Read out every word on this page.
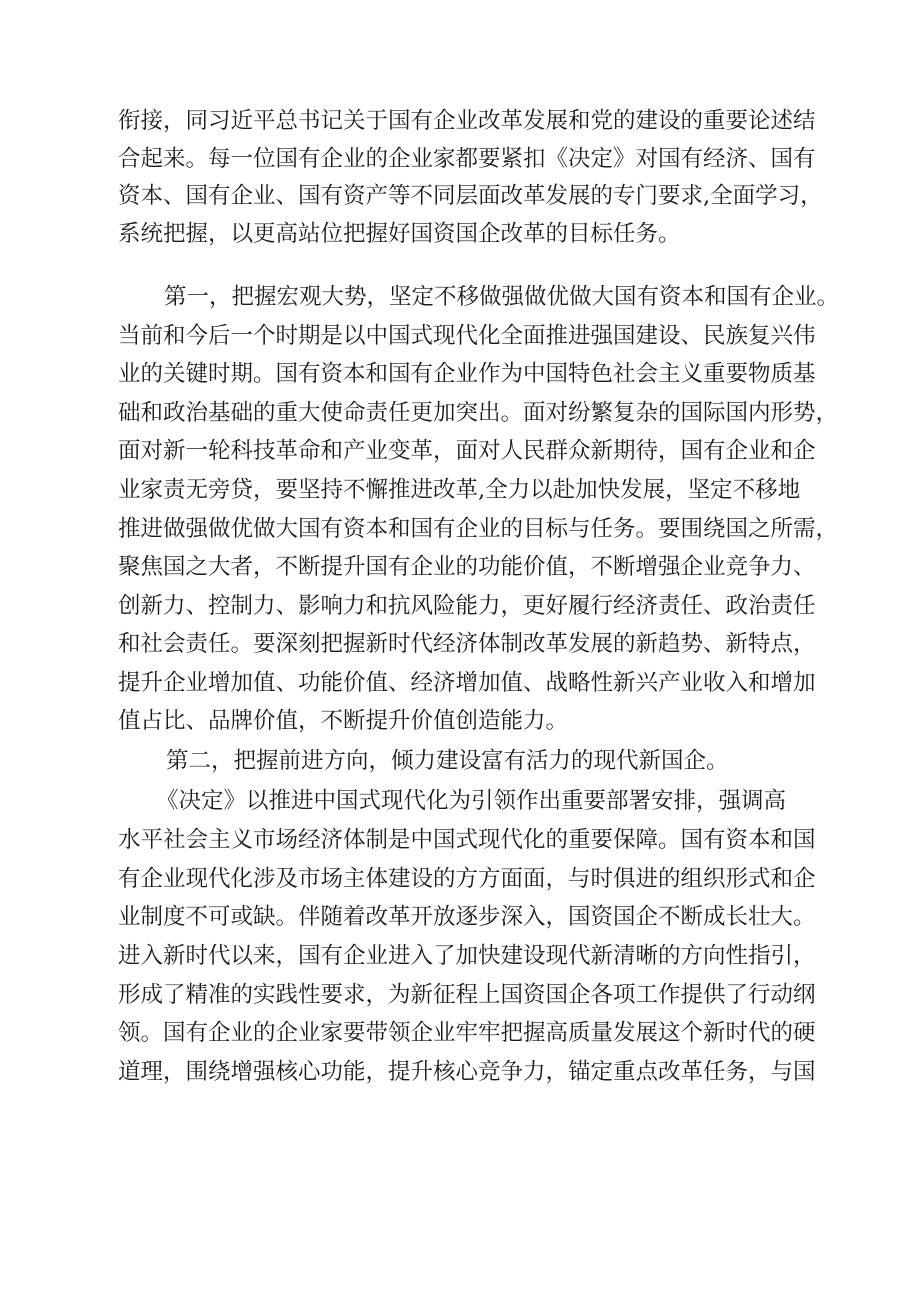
衔接，同习近平总书记关于国有企业改革发展和党的建设的重要论述结
合起来。每一位国有企业的企业家都要紧扣《决定》对国有经济、国有
资本、国有企业、国有资产等不同层面改革发展的专门要求,全面学习，
系统把握，以更高站位把握好国资国企改革的目标任务。
第一，把握宏观大势，坚定不移做强做优做大国有资本和国有企业。
当前和今后一个时期是以中国式现代化全面推进强国建设、民族复兴伟
业的关键时期。国有资本和国有企业作为中国特色社会主义重要物质基
础和政治基础的重大使命责任更加突出。面对纷繁复杂的国际国内形势，
面对新一轮科技革命和产业变革，面对人民群众新期待，国有企业和企
业家责无旁贷，要坚持不懈推进改革,全力以赴加快发展，坚定不移地
推进做强做优做大国有资本和国有企业的目标与任务。要围绕国之所需，
聚焦国之大者，不断提升国有企业的功能价值，不断增强企业竞争力、
创新力、控制力、影响力和抗风险能力，更好履行经济责任、政治责任
和社会责任。要深刻把握新时代经济体制改革发展的新趋势、新特点，
提升企业增加值、功能价值、经济增加值、战略性新兴产业收入和增加
值占比、品牌价值，不断提升价值创造能力。
第二，把握前进方向，倾力建设富有活力的现代新国企。
《决定》以推进中国式现代化为引领作出重要部署安排，强调高
水平社会主义市场经济体制是中国式现代化的重要保障。国有资本和国
有企业现代化涉及市场主体建设的方方面面，与时俱进的组织形式和企
业制度不可或缺。伴随着改革开放逐步深入，国资国企不断成长壮大。
进入新时代以来，国有企业进入了加快建设现代新清晰的方向性指引，
形成了精准的实践性要求，为新征程上国资国企各项工作提供了行动纲
领。国有企业的企业家要带领企业牢牢把握高质量发展这个新时代的硬
道理，围绕增强核心功能，提升核心竞争力，锚定重点改革任务，与国
